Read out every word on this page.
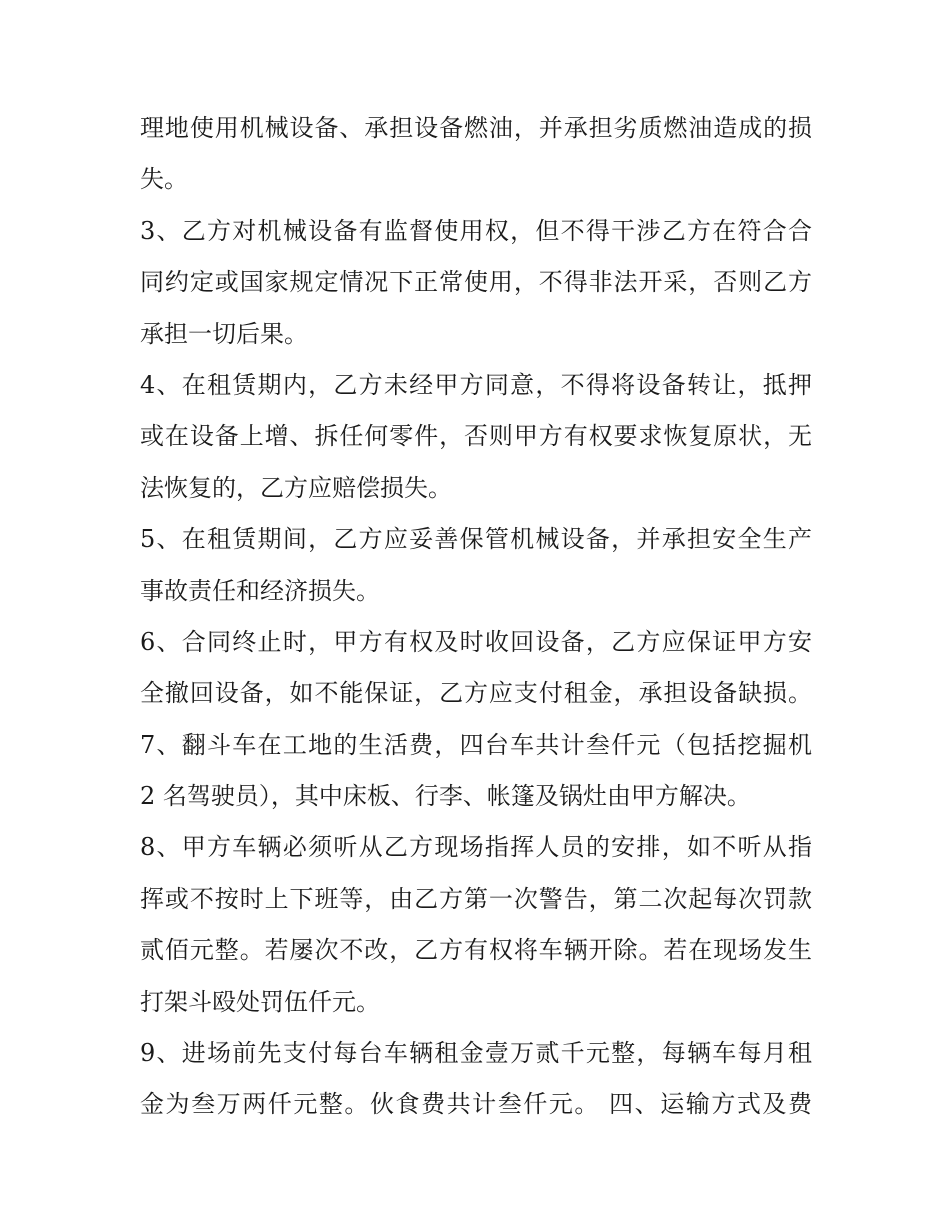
理地使用机械设备、承担设备燃油，并承担劣质燃油造成的损
失。
3、乙方对机械设备有监督使用权，但不得干涉乙方在符合合
同约定或国家规定情况下正常使用，不得非法开采，否则乙方
承担一切后果。
4、在租赁期内，乙方未经甲方同意，不得将设备转让，抵押
或在设备上增、拆任何零件，否则甲方有权要求恢复原状，无
法恢复的，乙方应赔偿损失。
5、在租赁期间，乙方应妥善保管机械设备，并承担安全生产
事故责任和经济损失。
6、合同终止时，甲方有权及时收回设备，乙方应保证甲方安
全撤回设备，如不能保证，乙方应支付租金，承担设备缺损。
7、翻斗车在工地的生活费，四台车共计叁仟元（包括挖掘机
2 名驾驶员），其中床板、行李、帐篷及锅灶由甲方解决。
8、甲方车辆必须听从乙方现场指挥人员的安排，如不听从指
挥或不按时上下班等，由乙方第一次警告，第二次起每次罚款
贰佰元整。若屡次不改，乙方有权将车辆开除。若在现场发生
打架斗殴处罚伍仟元。
9、进场前先支付每台车辆租金壹万贰千元整，每辆车每月租
金为叁万两仟元整。伙食费共计叁仟元。 四、运输方式及费
